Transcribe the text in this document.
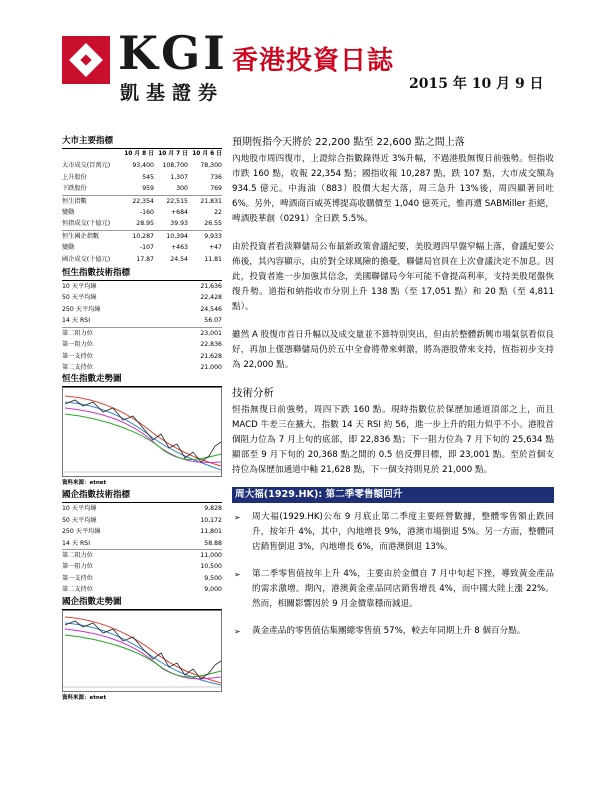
KGI
凱基證券
香港投資日誌
2015 年 10 月 9 日
大市主要指標
	10 月 8 日	10 月 7 日	10 月 6 日
大市成交(百萬元)	93,400	108,700	78,300
上升股份	545	1,307	736
下跌股份	959	300	769
恒生指數	22,354	22,515	21,831
變動	-160	+684	22
恒指成交(十億元)	28.95	39.93	26.55
恒生國企指數	10,287	10,394	9,933
變動	-107	+463	+47
國企成交(十億元)	17.87	24.54	11.81
恒生指數技術指標
10 天平均線	21,636
50 天平均線	22,428
250 天平均線	24,546
14 天 RSI	56.07
第二阻力位	23,001
第一阻力位	22,836
第一支持位	21,628
第二支持位	21,000
恒生指數走勢圖
資料來源：etnet
國企指數技術指標
10 天平均線	9,828
50 天平均線	10,172
250 天平均線	11,801
14 天 RSI	58.88
第二阻力位	11,000
第一阻力位	10,500
第一支持位	9,500
第二支持位	9,000
國企指數走勢圖
資料來源：etnet
預期恆指今天將於 22,200 點至 22,600 點之間上落

內地股市周四復市，上證綜合指數錄得近 3%升幅，不過港股無復日前強勢。恒指收市跌 160 點，收報 22,354 點；國指收報 10,287 點，跌 107 點，大市成交額為 934.5 億元。中海油（883）股價大起大落，周三急升 13%後，周四顯著回吐 6%。另外，啤酒商百威英博提高收購價至 1,040 億英元，惟再遭 SABMiller 拒絕，啤酒股華創（0291）全日跌 5.5%。

由於投資者看淡聯儲局公布最新政策會議紀要，美股週四早盤窄幅上落，會議紀要公佈後，其內容顯示，由於對全球風險的擔憂，聯儲局官員在上次會議決定不加息。因此，投資者進一步加強其信念，美國聯儲局今年可能不會提高利率，支持美股尾盤恢復升勢。道指和納指收市分別上升 138 點（至 17,051 點）和 20 點（至 4,811 點）。

雖然 A 股復市首日升幅以及成交量並不算特別突出，但由於整體新興市場氣氛看似良好，再加上僅憑聯儲局仍於五中全會將帶來刺激，將為港股帶來支持，恆指初步支持為 22,000 點。

技術分析

恒指無復日前強勢，周四下跌 160 點。現時指數位於保歷加通道頂部之上，而且 MACD 牛差三在擴大，指數 14 天 RSI 約 56，進一步上升的阻力似乎不小。港股首個阻力位為 7 月上旬的底部，即 22,836 點；下一阻力位為 7 月下旬的 25,634 點顯部至 9 月下旬的 20,368 點之間的 0.5 倍反彈目標，即 23,001 點。至於首個支持位為保歷加通道中軸 21,628 點，下一個支持則見於 21,000 點。

周大福(1929.HK): 第二季零售額回升
➢ 周大福(1929.HK)公布 9 月底止第二季度主要經營數據，整體零售額止跌回升，按年升 4%，其中，內地增長 9%，港澳市場倒退 5%。另一方面，整體同店銷售倒退 3%，內地增長 6%，而港澳倒退 13%。
➢ 第二季零售值按年上升 4%，主要由於金價自 7 月中旬起下挫，導致黃金產品的需求激增。期內，港澳黃金產品同店銷售增長 4%，而中國大陸上漲 22%。然而，相關影響因於 9 月金價靠穩而減退。
➢ 黃金產品的零售值佔集團總零售值 57%，較去年同期上升 8 個百分點。
